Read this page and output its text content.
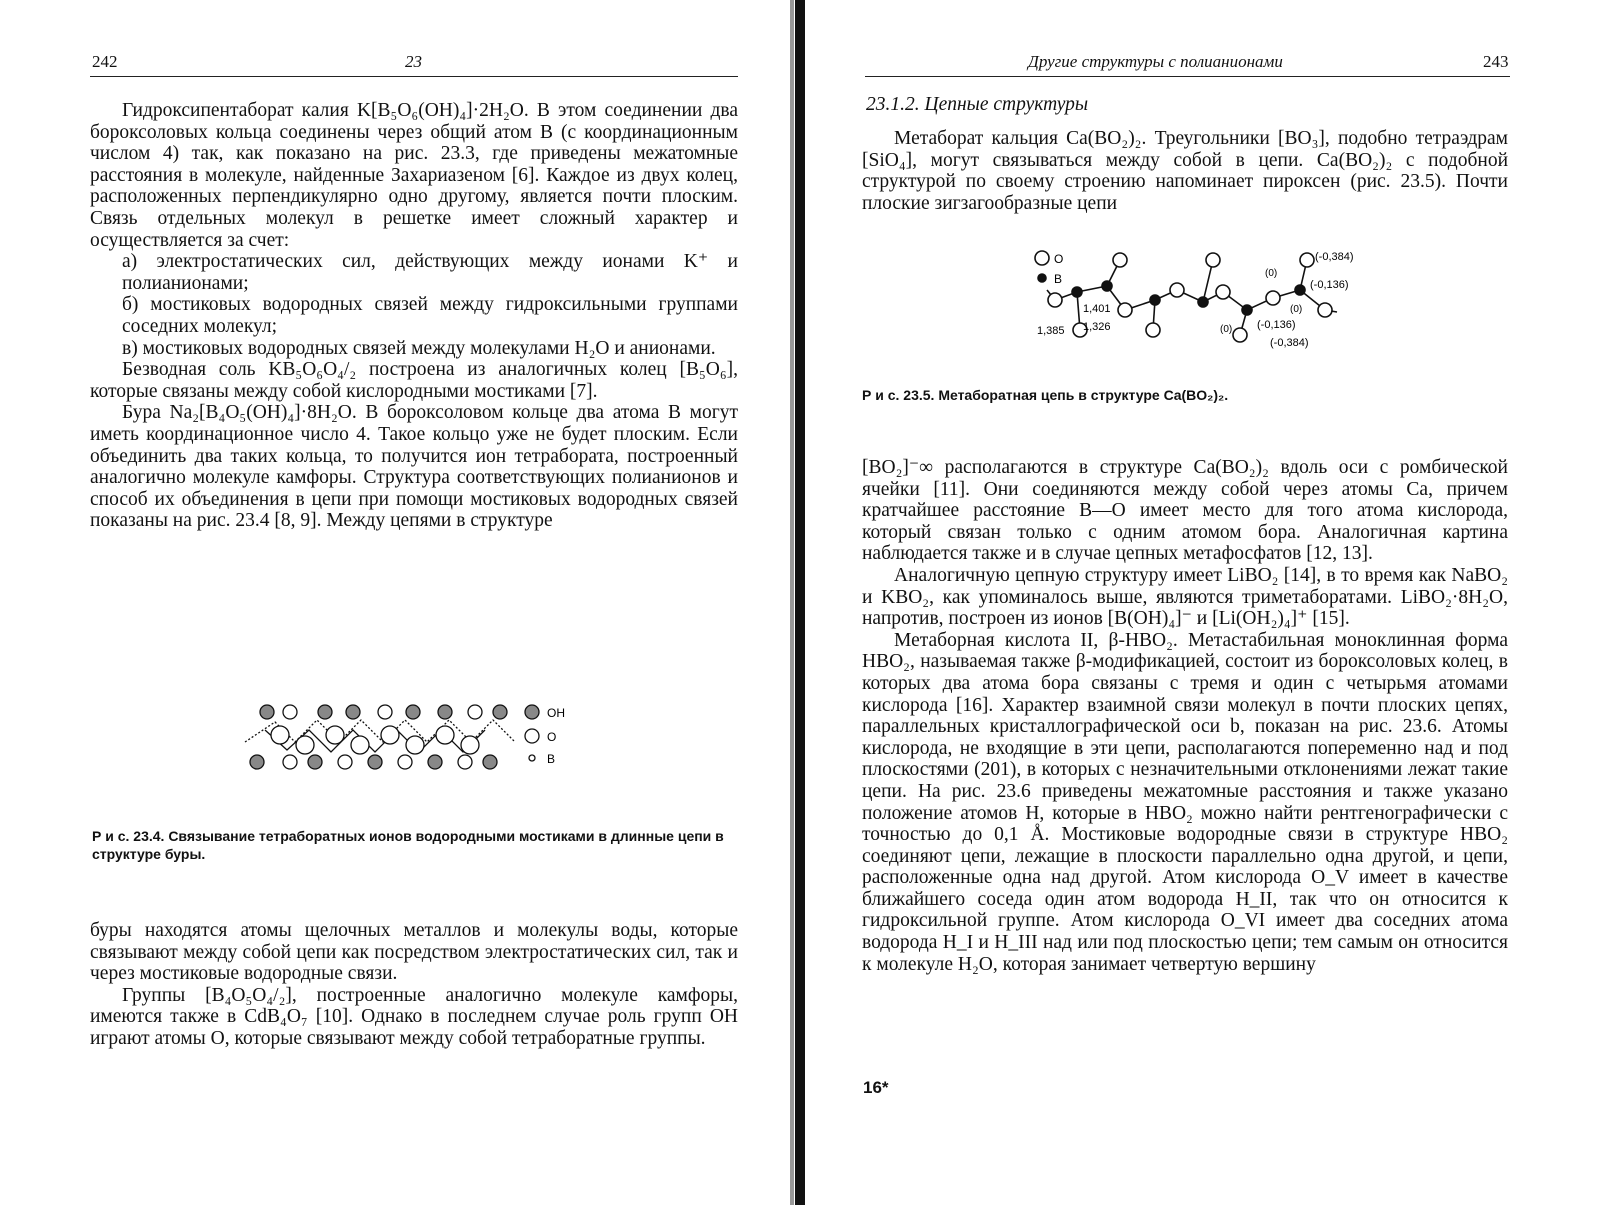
242	23

Гидроксипентаборат калия K[B₅O₆(OH)₄]·2H₂O. В этом соединении два бороксоловых кольца соединены через общий атом В (с координационным числом 4) так, как показано на рис. 23.3, где приведены межатомные расстояния в молекуле, найденные Захариазеном [6]. Каждое из двух колец, расположенных перпендикулярно одно другому, является почти плоским. Связь отдельных молекул в решетке имеет сложный характер и осуществляется за счет:

а) электростатических сил, действующих между ионами K⁺ и полианионами;

б) мостиковых водородных связей между гидроксильными группами соседних молекул;

в) мостиковых водородных связей между молекулами H₂O и анионами.

Безводная соль KB₅O₆O₄/₂ построена из аналогичных колец [B₅O₆], которые связаны между собой кислородными мостиками [7].

Бура Na₂[B₄O₅(OH)₄]·8H₂O. В бороксоловом кольце два атома В могут иметь координационное число 4. Такое кольцо уже не будет плоским. Если объединить два таких кольца, то получится ион тетрабората, построенный аналогично молекуле камфоры. Структура соответствующих полианионов и способ их объединения в цепи при помощи мостиковых водородных связей показаны на рис. 23.4 [8, 9]. Между цепями в структуре

OH
O
B
Р и с. 23.4. Связывание тетраборатных ионов водородными мостиками в длинные цепи в структуре буры.

буры находятся атомы щелочных металлов и молекулы воды, которые связывают между собой цепи как посредством электростатических сил, так и через мостиковые водородные связи.

Группы [B₄O₅O₄/₂], построенные аналогично молекуле камфоры, имеются также в CdB₄O₇ [10]. Однако в последнем случае роль групп OH играют атомы O, которые связывают между собой тетраборатные группы.

Другие структуры с полианионами	243
23.1.2. Цепные структуры

Метаборат кальция Ca(BO₂)₂. Треугольники [BO₃], подобно тетраэдрам [SiO₄], могут связываться между собой в цепи. Ca(BO₂)₂ с подобной структурой по своему строению напоминает пироксен (рис. 23.5). Почти плоские зигзагообразные цепи

O
B
(-0,384)
(0)
(-0,136)
(0)
1,401
1,385 1,326	(0) (-0,136)
(-0,384)
Р и с. 23.5. Метаборатная цепь в структуре Ca(BO₂)₂.

[BO₂]⁻∞ располагаются в структуре Ca(BO₂)₂ вдоль оси c ромбической ячейки [11]. Они соединяются между собой через атомы Ca, причем кратчайшее расстояние B—O имеет место для того атома кислорода, который связан только с одним атомом бора. Аналогичная картина наблюдается также и в случае цепных метафосфатов [12, 13].

Аналогичную цепную структуру имеет LiBO₂ [14], в то время как NaBO₂ и KBO₂, как упоминалось выше, являются триметаборатами. LiBO₂·8H₂O, напротив, построен из ионов [B(OH)₄]⁻ и [Li(OH₂)₄]⁺ [15].

Метаборная кислота II, β-HBO₂. Метастабильная моноклинная форма HBO₂, называемая также β-модификацией, состоит из бороксоловых колец, в которых два атома бора связаны с тремя и один с четырьмя атомами кислорода [16]. Характер взаимной связи молекул в почти плоских цепях, параллельных кристаллографической оси b, показан на рис. 23.6. Атомы кислорода, не входящие в эти цепи, располагаются попеременно над и под плоскостями (201), в которых с незначительными отклонениями лежат такие цепи. На рис. 23.6 приведены межатомные расстояния и также указано положение атомов H, которые в HBO₂ можно найти рентгенографически с точностью до 0,1 Å. Мостиковые водородные связи в структуре HBO₂ соединяют цепи, лежащие в плоскости параллельно одна другой, и цепи, расположенные одна над другой. Атом кислорода O_V имеет в качестве ближайшего соседа один атом водорода H_II, так что он относится к гидроксильной группе. Атом кислорода O_VI имеет два соседних атома водорода H_I и H_III над или под плоскостью цепи; тем самым он относится к молекуле H₂O, которая занимает четвертую вершину

16*
